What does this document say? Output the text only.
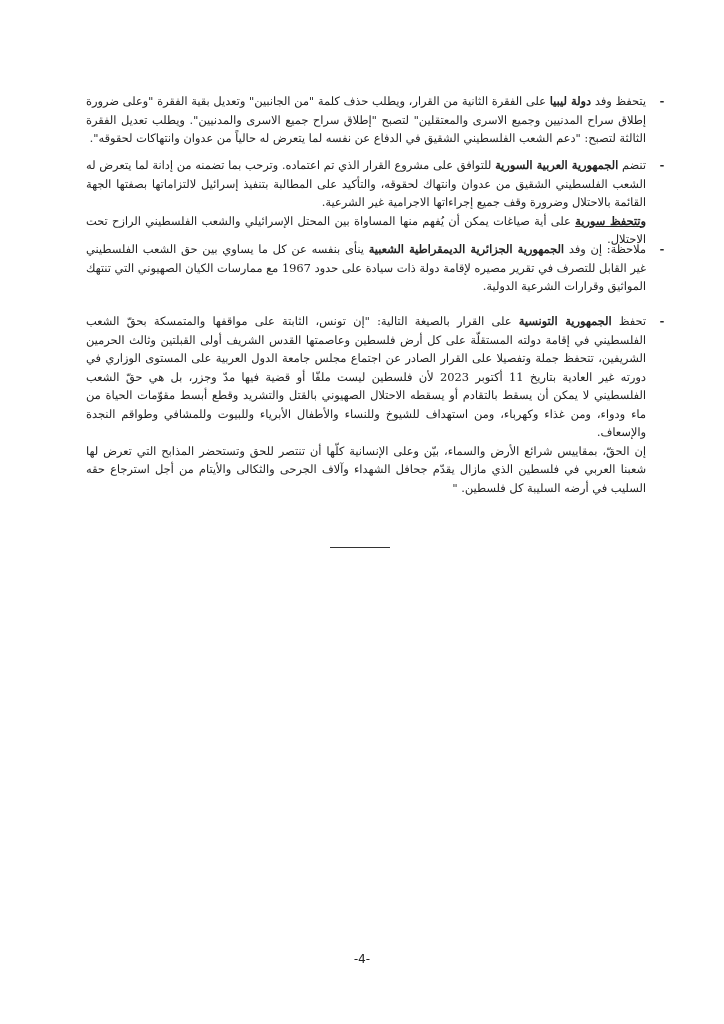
-

يتحفظ وفد دولة ليبيا على الفقرة الثانية من القرار، ويطلب حذف كلمة "من الجانبين" وتعديل بقية الفقرة "وعلى ضرورة إطلاق سراح المدنيين وجميع الاسرى والمعتقلين" لتصبح "إطلاق سراح جميع الاسرى والمدنيين". ويطلب تعديل الفقرة الثالثة لتصبح: "دعم الشعب الفلسطيني الشقيق في الدفاع عن نفسه لما يتعرض له حالياً من عدوان وانتهاكات لحقوقه".

-

تنضم الجمهورية العربية السورية للتوافق على مشروع القرار الذي تم اعتماده. وترحب بما تضمنه من إدانة لما يتعرض له الشعب الفلسطيني الشقيق من عدوان وانتهاك لحقوقه، والتأكيد على المطالبة بتنفيذ إسرائيل لالتزاماتها بصفتها الجهة القائمة بالاحتلال وضرورة وقف جميع إجراءاتها الاجرامية غير الشرعية.

وتتحفظ سورية على أية صياغات يمكن أن يُفهم منها المساواة بين المحتل الإسرائيلي والشعب الفلسطيني الرازح تحت الاحتلال.

-

ملاحظة: إن وفد الجمهورية الجزائرية الديمقراطية الشعبية ينأى بنفسه عن كل ما يساوي بين حق الشعب الفلسطيني غير القابل للتصرف في تقرير مصيره لإقامة دولة ذات سيادة على حدود 1967 مع ممارسات الكيان الصهيوني التي تنتهك المواثيق وقرارات الشرعية الدولية.

-

تحفظ الجمهورية التونسية على القرار بالصيغة التالية: "إن تونس، الثابتة على مواقفها والمتمسكة بحقّ الشعب الفلسطيني في إقامة دولته المستقلّة على كل أرض فلسطين وعاصمتها القدس الشريف أولى القبلتين وثالث الحرمين الشريفين، تتحفظ جملة وتفصيلا على القرار الصادر عن اجتماع مجلس جامعة الدول العربية على المستوى الوزاري في دورته غير العادية بتاريخ 11 أكتوبر 2023 لأن فلسطين ليست ملفّا أو قضية فيها مدّ وجزر، بل هي حقّ الشعب الفلسطيني لا يمكن أن يسقط بالتقادم أو يسقطه الاحتلال الصهيوني بالقتل والتشريد وقطع أبسط مقوّمات الحياة من ماء ودواء، ومن غذاء وكهرباء، ومن استهداف للشيوخ وللنساء والأطفال الأبرياء وللبيوت وللمشافي وطواقم النجدة والإسعاف.

إن الحقّ، بمقاييس شرائع الأرض والسماء، بيّن وعلى الإنسانية كلّها أن تنتصر للحق وتستحضر المذابح التي تعرض لها شعبنا العربي في فلسطين الذي مازال يقدّم جحافل الشهداء وآلاف الجرحى والثكالى والأيتام من أجل استرجاع حقه السليب في أرضه السليبة كل فلسطين. "

-4-
